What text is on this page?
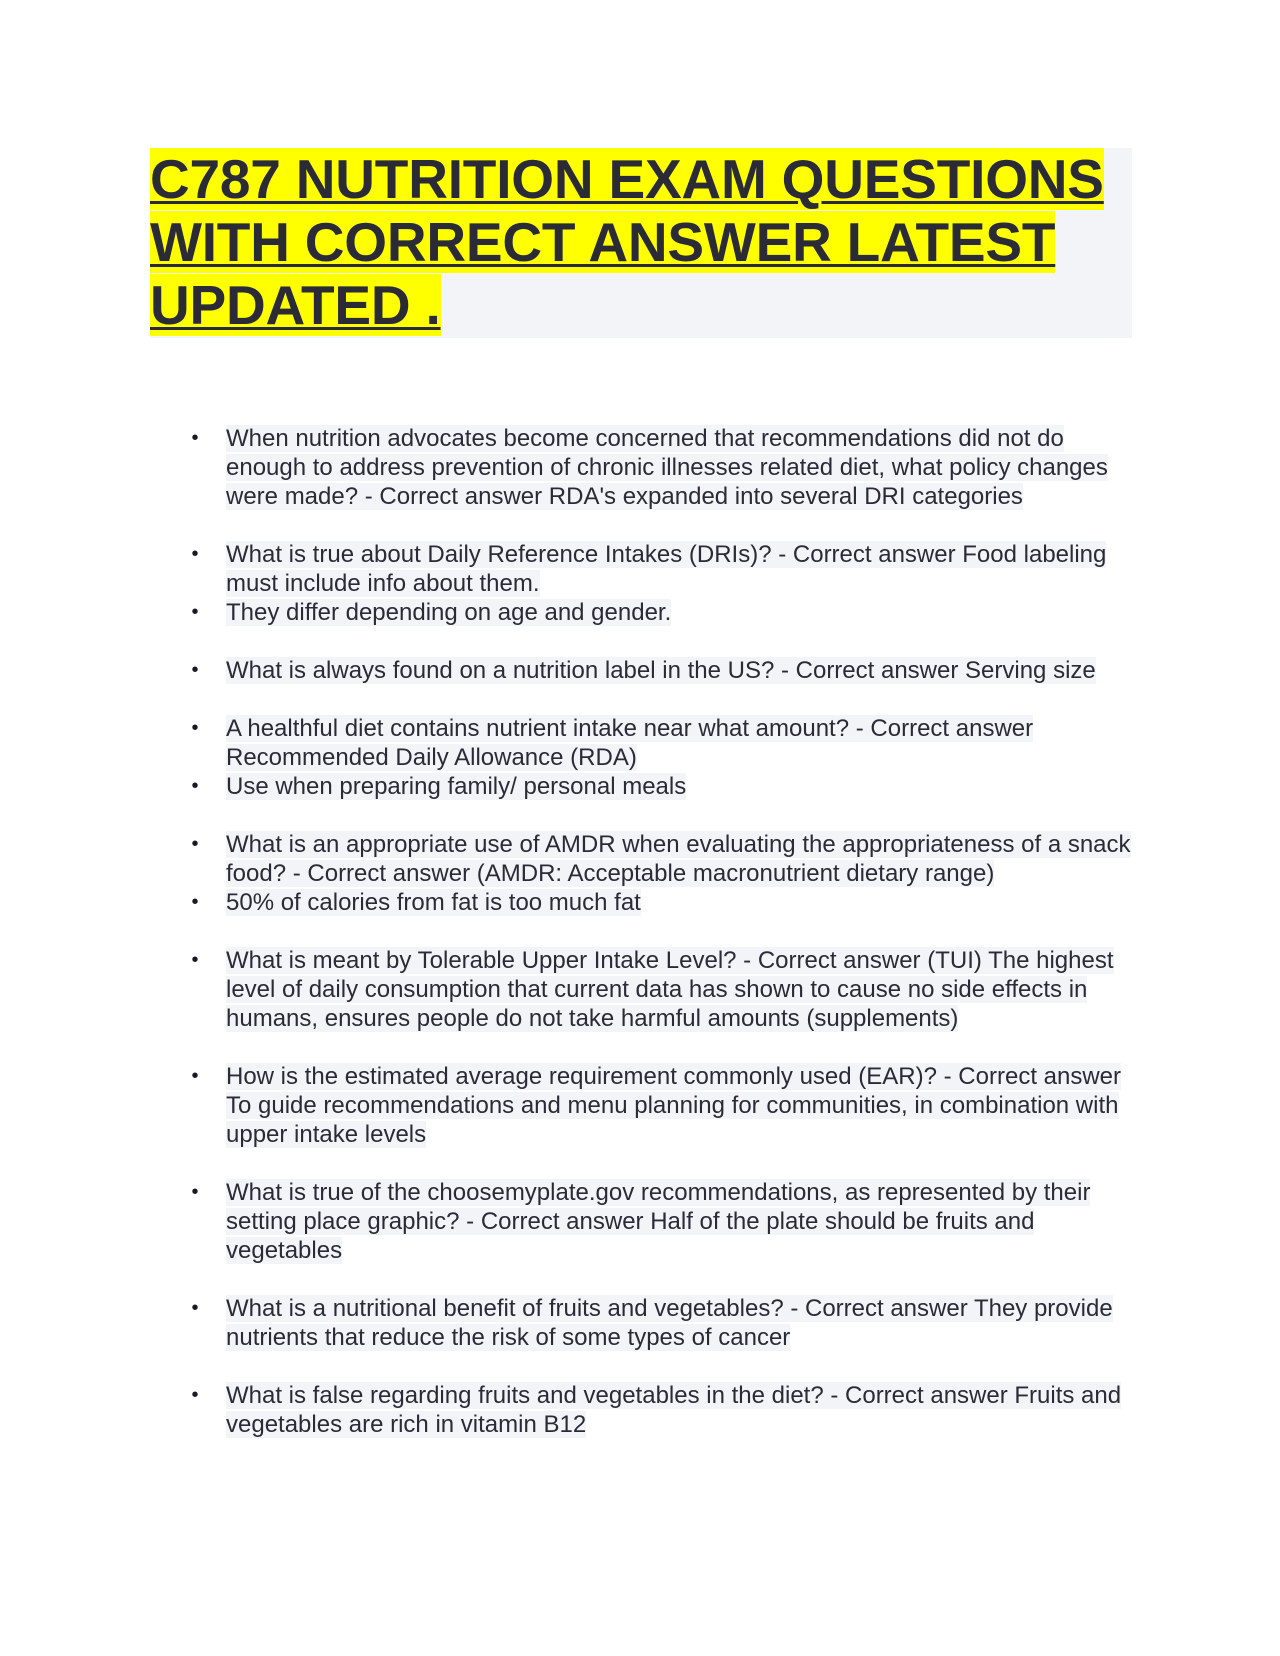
C787 NUTRITION EXAM QUESTIONS WITH CORRECT ANSWER LATEST UPDATED .
• When nutrition advocates become concerned that recommendations did not do enough to address prevention of chronic illnesses related diet, what policy changes were made? - Correct answer RDA's expanded into several DRI categories
• What is true about Daily Reference Intakes (DRIs)? - Correct answer Food labeling must include info about them.
• They differ depending on age and gender.
• What is always found on a nutrition label in the US? - Correct answer Serving size
• A healthful diet contains nutrient intake near what amount? - Correct answer Recommended Daily Allowance (RDA)
• Use when preparing family/ personal meals
• What is an appropriate use of AMDR when evaluating the appropriateness of a snack food? - Correct answer (AMDR: Acceptable macronutrient dietary range)
• 50% of calories from fat is too much fat
• What is meant by Tolerable Upper Intake Level? - Correct answer (TUI) The highest level of daily consumption that current data has shown to cause no side effects in humans, ensures people do not take harmful amounts (supplements)
• How is the estimated average requirement commonly used (EAR)? - Correct answer To guide recommendations and menu planning for communities, in combination with upper intake levels
• What is true of the choosemyplate.gov recommendations, as represented by their setting place graphic? - Correct answer Half of the plate should be fruits and vegetables
• What is a nutritional benefit of fruits and vegetables? - Correct answer They provide nutrients that reduce the risk of some types of cancer
• What is false regarding fruits and vegetables in the diet? - Correct answer Fruits and vegetables are rich in vitamin B12
